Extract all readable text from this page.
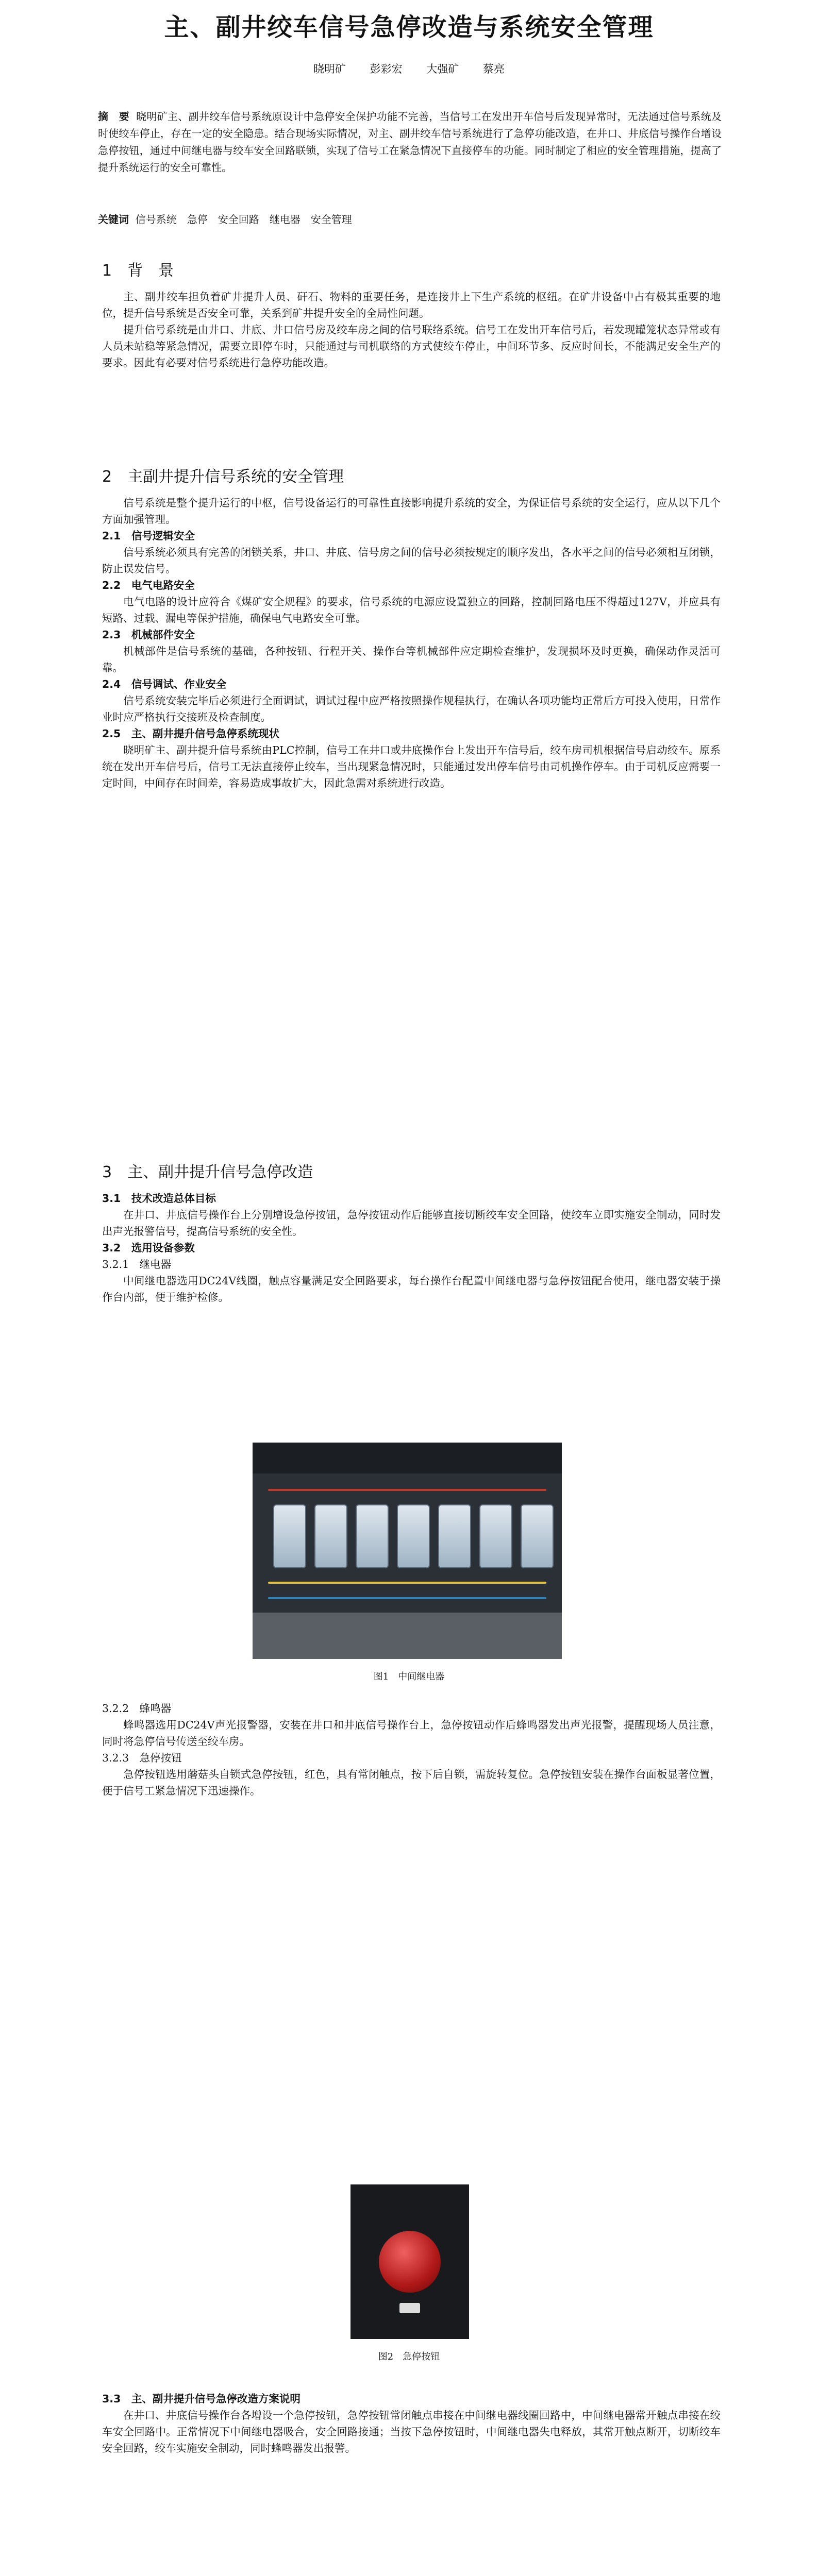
主、副井绞车信号急停改造与系统安全管理
晓明矿 彭彩宏 大强矿 蔡亮
摘　要 晓明矿主、副井绞车信号系统原设计中急停安全保护功能不完善，当信号工在发出开车信号后发现异常时，无法通过信号系统及时使绞车停止，存在一定的安全隐患。结合现场实际情况，对主、副井绞车信号系统进行了急停功能改造，在井口、井底信号操作台增设急停按钮，通过中间继电器与绞车安全回路联锁，实现了信号工在紧急情况下直接停车的功能。同时制定了相应的安全管理措施，提高了提升系统运行的安全可靠性。
关键词 信号系统　急停　安全回路　继电器　安全管理
1　背　景

主、副井绞车担负着矿井提升人员、矸石、物料的重要任务，是连接井上下生产系统的枢纽。在矿井设备中占有极其重要的地位，提升信号系统是否安全可靠，关系到矿井提升安全的全局性问题。

提升信号系统是由井口、井底、井口信号房及绞车房之间的信号联络系统。信号工在发出开车信号后，若发现罐笼状态异常或有人员未站稳等紧急情况，需要立即停车时，只能通过与司机联络的方式使绞车停止，中间环节多、反应时间长，不能满足安全生产的要求。因此有必要对信号系统进行急停功能改造。

2　主副井提升信号系统的安全管理

信号系统是整个提升运行的中枢，信号设备运行的可靠性直接影响提升系统的安全，为保证信号系统的安全运行，应从以下几个方面加强管理。

2.1　信号逻辑安全

信号系统必须具有完善的闭锁关系，井口、井底、信号房之间的信号必须按规定的顺序发出，各水平之间的信号必须相互闭锁，防止误发信号。

2.2　电气电路安全

电气电路的设计应符合《煤矿安全规程》的要求，信号系统的电源应设置独立的回路，控制回路电压不得超过127V，并应具有短路、过载、漏电等保护措施，确保电气电路安全可靠。

2.3　机械部件安全

机械部件是信号系统的基础，各种按钮、行程开关、操作台等机械部件应定期检查维护，发现损坏及时更换，确保动作灵活可靠。

2.4　信号调试、作业安全

信号系统安装完毕后必须进行全面调试，调试过程中应严格按照操作规程执行，在确认各项功能均正常后方可投入使用，日常作业时应严格执行交接班及检查制度。

2.5　主、副井提升信号急停系统现状

晓明矿主、副井提升信号系统由PLC控制，信号工在井口或井底操作台上发出开车信号后，绞车房司机根据信号启动绞车。原系统在发出开车信号后，信号工无法直接停止绞车，当出现紧急情况时，只能通过发出停车信号由司机操作停车。由于司机反应需要一定时间，中间存在时间差，容易造成事故扩大，因此急需对系统进行改造。

3　主、副井提升信号急停改造
3.1　技术改造总体目标

在井口、井底信号操作台上分别增设急停按钮，急停按钮动作后能够直接切断绞车安全回路，使绞车立即实施安全制动，同时发出声光报警信号，提高信号系统的安全性。

3.2　选用设备参数
3.2.1　继电器

中间继电器选用DC24V线圈，触点容量满足安全回路要求，每台操作台配置中间继电器与急停按钮配合使用，继电器安装于操作台内部，便于维护检修。

图1　中间继电器
3.2.2　蜂鸣器

蜂鸣器选用DC24V声光报警器，安装在井口和井底信号操作台上，急停按钮动作后蜂鸣器发出声光报警，提醒现场人员注意，同时将急停信号传送至绞车房。

3.2.3　急停按钮

急停按钮选用蘑菇头自锁式急停按钮，红色，具有常闭触点，按下后自锁，需旋转复位。急停按钮安装在操作台面板显著位置，便于信号工紧急情况下迅速操作。

图2　急停按钮
3.3　主、副井提升信号急停改造方案说明

在井口、井底信号操作台各增设一个急停按钮，急停按钮常闭触点串接在中间继电器线圈回路中，中间继电器常开触点串接在绞车安全回路中。正常情况下中间继电器吸合，安全回路接通；当按下急停按钮时，中间继电器失电释放，其常开触点断开，切断绞车安全回路，绞车实施安全制动，同时蜂鸣器发出报警。
